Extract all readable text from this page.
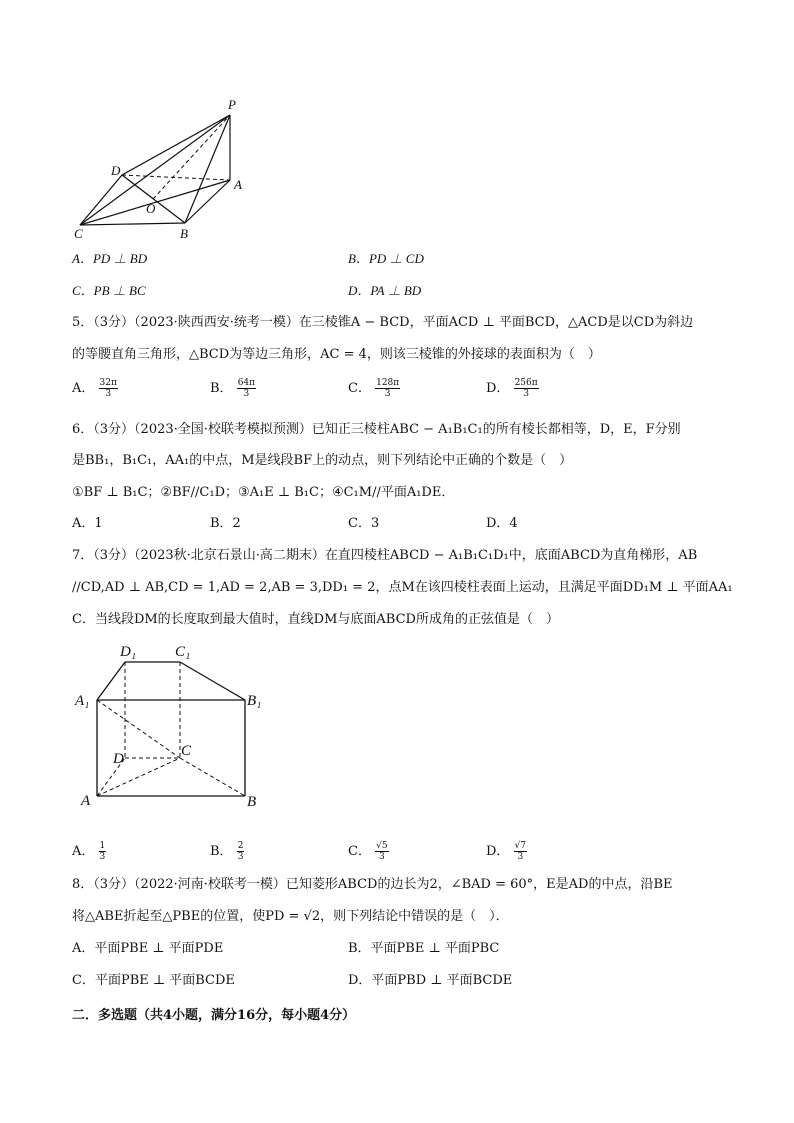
P
D
A
O
C	B
A．PD ⊥ BD	B．PD ⊥ CD
C．PB ⊥ BC	D．PA ⊥ BD
5．（3分）（2023·陕西西安·统考一模）在三棱锥A − BCD，平面ACD ⊥ 平面BCD，△ACD是以CD为斜边
的等腰直角三角形，△BCD为等边三角形，AC = 4，则该三棱锥的外接球的表面积为（　）
A． $\frac{32\pi}{3}$	B． $\frac{64\pi}{3}$	C． $\frac{128\pi}{3}$	D． $\frac{256\pi}{3}$
6．（3分）（2023·全国·校联考模拟预测）已知正三棱柱ABC − A₁B₁C₁的所有棱长都相等，D，E，F分别
是BB₁，B₁C₁，AA₁的中点，M是线段BF上的动点，则下列结论中正确的个数是（　）
①BF ⊥ B₁C；②BF//C₁D；③A₁E ⊥ B₁C；④C₁M//平面A₁DE．
A．1	B．2	C．3	D．4
7．（3分）（2023秋·北京石景山·高二期末）在直四棱柱ABCD − A₁B₁C₁D₁中，底面ABCD为直角梯形，AB
//CD,AD ⊥ AB,CD = 1,AD = 2,AB = 3,DD₁ = 2，点M在该四棱柱表面上运动，且满足平面DD₁M ⊥ 平面AA₁
C．当线段DM的长度取到最大值时，直线DM与底面ABCD所成角的正弦值是（　）
D₁	C₁
A₁	B₁
D	C
A	B
A． $\frac{1}{3}$	B． $\frac{2}{3}$	C． $\frac{√5}{3}$	D． $\frac{√7}{3}$
8．（3分）（2022·河南·校联考一模）已知菱形ABCD的边长为2，∠BAD = 60°，E是AD的中点，沿BE
将△ABE折起至△PBE的位置，使PD = √2，则下列结论中错误的是（　）．
A．平面PBE ⊥ 平面PDE	B．平面PBE ⊥ 平面PBC
C．平面PBE ⊥ 平面BCDE	D．平面PBD ⊥ 平面BCDE
二．多选题（共4小题，满分16分，每小题4分）
